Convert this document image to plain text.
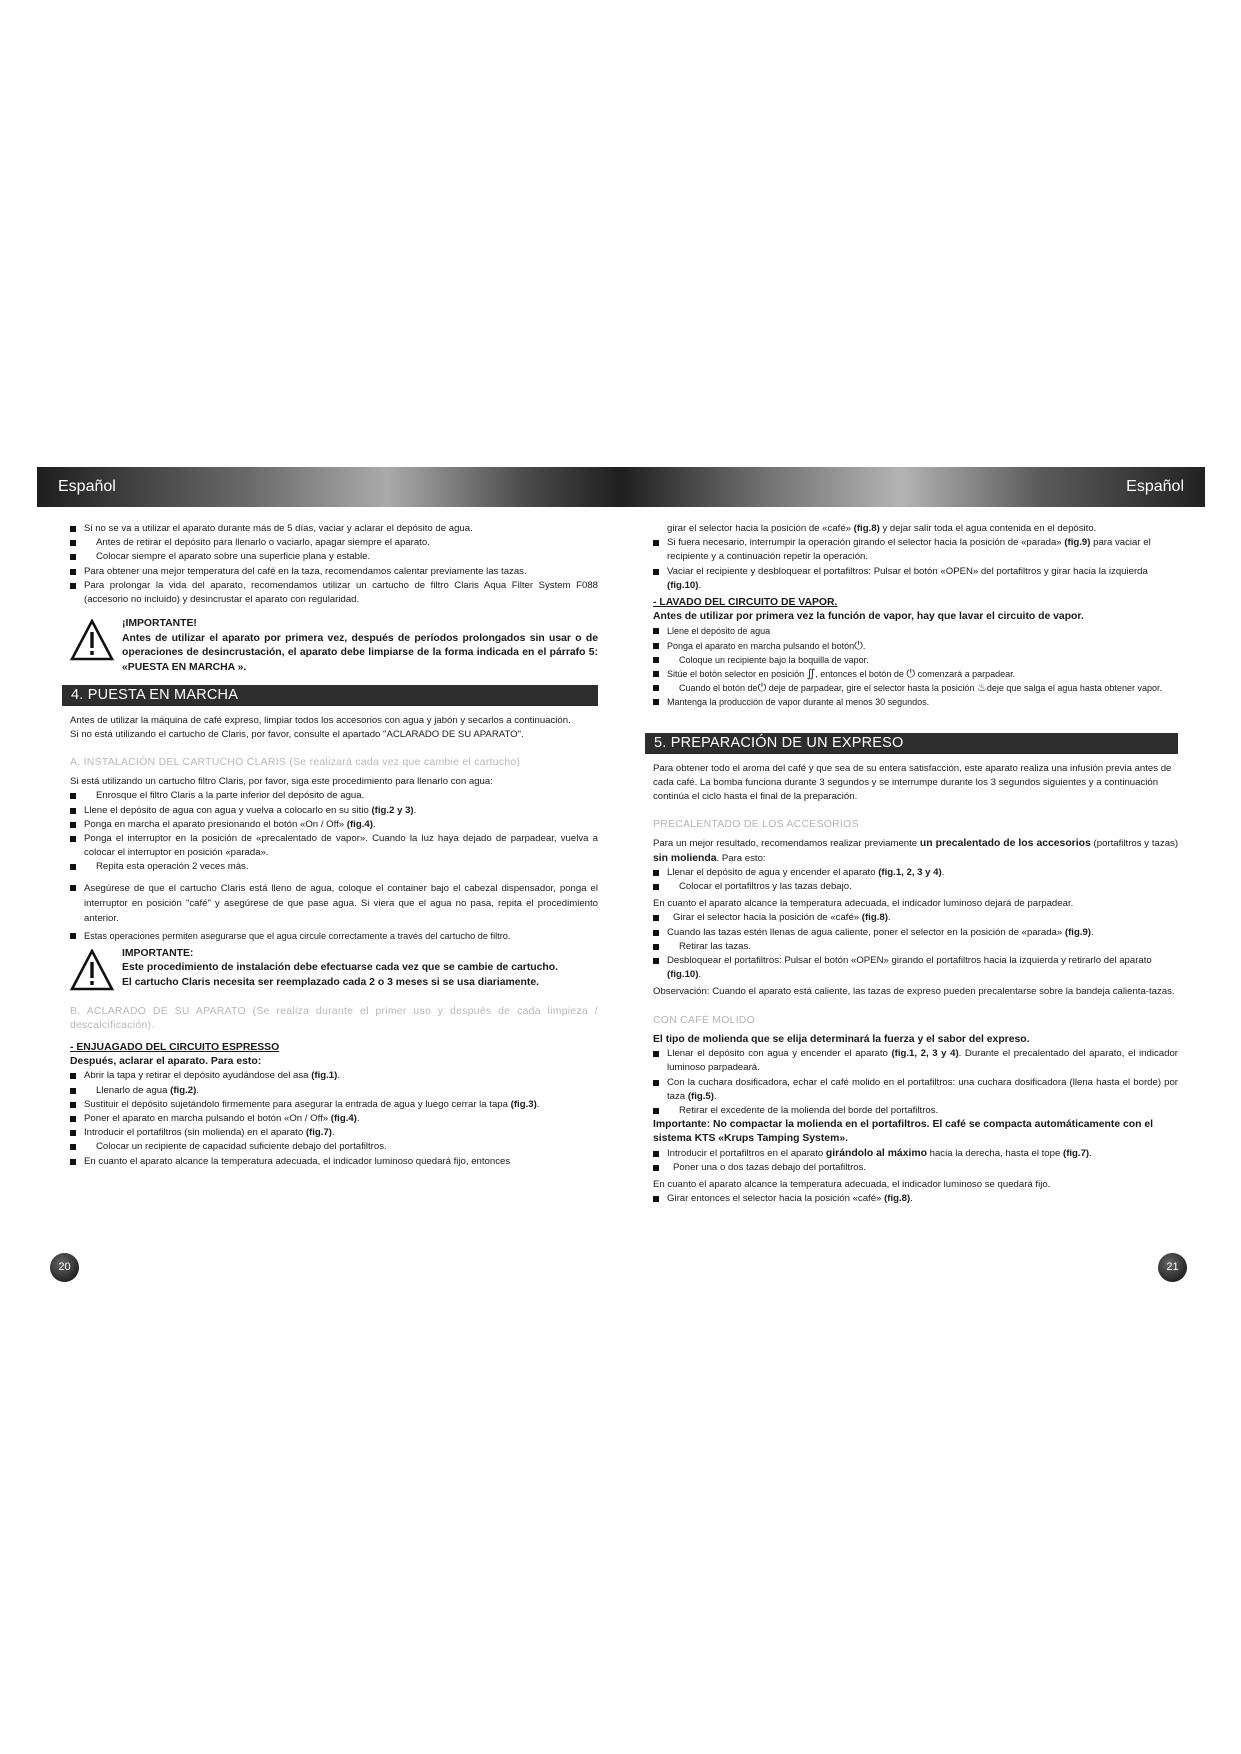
Español	Español
Si no se va a utilizar el aparato durante más de 5 días, vaciar y aclarar el depósito de agua.
Antes de retirar el depósito para llenarlo o vaciarlo, apagar siempre el aparato.
Colocar siempre el aparato sobre una superficie plana y estable.
Para obtener una mejor temperatura del café en la taza, recomendamos calentar previamente las tazas.
Para prolongar la vida del aparato, recomendamos utilizar un cartucho de filtro Claris Aqua Filter System F088 (accesorio no incluido) y desincrustar el aparato con regularidad.
¡IMPORTANTE!
Antes de utilizar el aparato por primera vez, después de períodos prolongados sin usar o de operaciones de desincrustación, el aparato debe limpiarse de la forma indicada en el párrafo 5: «PUESTA EN MARCHA ».
4. PUESTA EN MARCHA
Antes de utilizar la máquina de café expreso, limpiar todos los accesorios con agua y jabón y secarlos a continuación.
Si no está utilizando el cartucho de Claris, por favor, consulte el apartado "ACLARADO DE SU APARATO".
A. INSTALACIÓN DEL CARTUCHO CLARIS (Se realizará cada vez que cambie el cartucho)
Si está utilizando un cartucho filtro Claris, por favor, siga este procedimiento para llenarlo con agua:
Enrosque el filtro Claris a la parte inferior del depósito de agua.
Llene el depósito de agua con agua y vuelva a colocarlo en su sitio (fig.2 y 3).
Ponga en marcha el aparato presionando el botón «On / Off» (fig.4).
Ponga el interruptor en la posición de «precalentado de vapor». Cuando la luz haya dejado de parpadear, vuelva a colocar el interruptor en posición «parada».
Repita esta operación 2 veces más.
Asegúrese de que el cartucho Claris está lleno de agua, coloque el container bajo el cabezal dispensador, ponga el interruptor en posición "café" y asegúrese de que pase agua. Si viera que el agua no pasa, repita el procedimiento anterior.
Estas operaciones permiten asegurarse que el agua circule correctamente a través del cartucho de filtro.
IMPORTANTE:
Este procedimiento de instalación debe efectuarse cada vez que se cambie de cartucho.
El cartucho Claris necesita ser reemplazado cada 2 o 3 meses si se usa diariamente.
B. ACLARADO DE SU APARATO (Se realiza durante el primer uso y después de cada limpieza / descalcificación).
- ENJUAGADO DEL CIRCUITO ESPRESSO
Después, aclarar el aparato. Para esto:
Abrir la tapa y retirar el depósito ayudándose del asa (fig.1).
Llenarlo de agua (fig.2).
Sustituir el depósito sujetándolo firmemente para asegurar la entrada de agua y luego cerrar la tapa (fig.3).
Poner el aparato en marcha pulsando el botón «On / Off» (fig.4).
Introducir el portafiltros (sin molienda) en el aparato (fig.7).
Colocar un recipiente de capacidad suficiente debajo del portafiltros.
En cuanto el aparato alcance la temperatura adecuada, el indicador luminoso quedará fijo, entonces
girar el selector hacia la posición de «café» (fig.8) y dejar salir toda el agua contenida en el depósito.
Si fuera necesario, interrumpir la operación girando el selector hacia la posición de «parada» (fig.9) para vaciar el recipiente y a continuación repetir la operación.
Vaciar el recipiente y desbloquear el portafiltros: Pulsar el botón «OPEN» del portafiltros y girar hacia la izquierda (fig.10).
- LAVADO DEL CIRCUITO DE VAPOR.
Antes de utilizar por primera vez la función de vapor, hay que lavar el circuito de vapor.
Llene el depósito de agua
Ponga el aparato en marcha pulsando el botón⏻.
Coloque un recipiente bajo la boquilla de vapor.
Sitúe el botón selector en posición ∬, entonces el botón de ⏻ comenzará a parpadear.
Cuando el botón de⏻ deje de parpadear, gire el selector hasta la posición ♨deje que salga el agua hasta obtener vapor.
Mantenga la producción de vapor durante al menos 30 segundos.
5. PREPARACIÓN DE UN EXPRESO
Para obtener todo el aroma del café y que sea de su entera satisfacción, este aparato realiza una infusión previa antes de cada café. La bomba funciona durante 3 segundos y se interrumpe durante los 3 segundos siguientes y a continuación continúa el ciclo hasta el final de la preparación.
PRECALENTADO DE LOS ACCESORIOS
Para un mejor resultado, recomendamos realizar previamente un precalentado de los accesorios (portafiltros y tazas) sin molienda. Para esto:
Llenar el depósito de agua y encender el aparato (fig.1, 2, 3 y 4).
Colocar el portafiltros y las tazas debajo.
En cuanto el aparato alcance la temperatura adecuada, el indicador luminoso dejará de parpadear.
Girar el selector hacia la posición de «café» (fig.8).
Cuando las tazas estén llenas de agua caliente, poner el selector en la posición de «parada» (fig.9).
Retirar las tazas.
Desbloquear el portafiltros: Pulsar el botón «OPEN» girando el portafiltros hacia la izquierda y retirarlo del aparato (fig.10).
Observación: Cuando el aparato está caliente, las tazas de expreso pueden precalentarse sobre la bandeja calienta-tazas.
CON CAFÉ MOLIDO
El tipo de molienda que se elija determinará la fuerza y el sabor del expreso.
Llenar el depósito con agua y encender el aparato (fig.1, 2, 3 y 4). Durante el precalentado del aparato, el indicador luminoso parpadeará.
Con la cuchara dosificadora, echar el café molido en el portafiltros: una cuchara dosificadora (llena hasta el borde) por taza (fig.5).
Retirar el excedente de la molienda del borde del portafiltros.
Importante: No compactar la molienda en el portafiltros. El café se compacta automáticamente con el sistema KTS «Krups Tamping System».
Introducir el portafiltros en el aparato girándolo al máximo hacia la derecha, hasta el tope (fig.7).
Poner una o dos tazas debajo del portafiltros.
En cuanto el aparato alcance la temperatura adecuada, el indicador luminoso se quedará fijo.
Girar entonces el selector hacia la posición «café» (fig.8).
20	21
